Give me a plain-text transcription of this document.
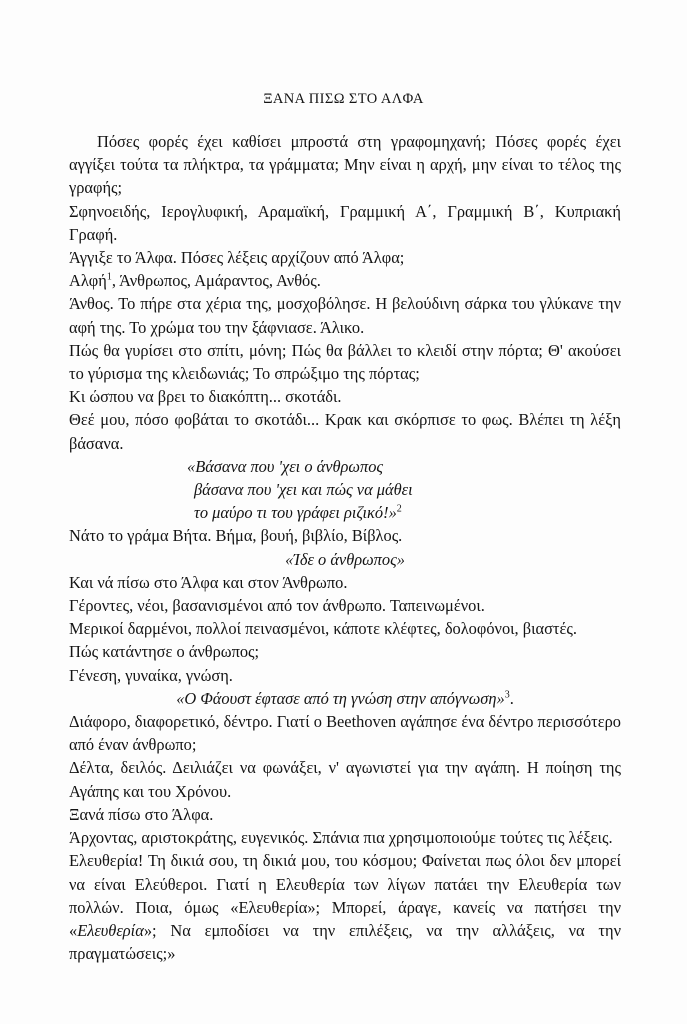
ΞΑΝΑ ΠΙΣΩ ΣΤΟ ΑΛΦΑ

Πόσες φορές έχει καθίσει μπροστά στη γραφομηχανή; Πόσες φορές έχει αγγίξει τούτα τα πλήκτρα, τα γράμματα; Μην είναι η αρχή, μην είναι το τέλος της γραφής;

Σφηνοειδής, Ιερογλυφική, Αραμαϊκή, Γραμμική Α΄, Γραμμική Β΄, Κυπριακή Γραφή.

Άγγιξε το Άλφα. Πόσες λέξεις αρχίζουν από Άλφα;

Αλφή$^1$, Άνθρωπος, Αμάραντος, Ανθός.

Άνθος. Το πήρε στα χέρια της, μοσχοβόλησε. Η βελούδινη σάρκα του γλύκανε την αφή της. Το χρώμα του την ξάφνιασε. Άλικο.

Πώς θα γυρίσει στο σπίτι, μόνη; Πώς θα βάλλει το κλειδί στην πόρτα; Θ' ακούσει το γύρισμα της κλειδωνιάς; Το σπρώξιμο της πόρτας;

Κι ώσπου να βρει το διακόπτη... σκοτάδι.

Θεέ μου, πόσο φοβάται το σκοτάδι... Κρακ και σκόρπισε το φως. Βλέπει τη λέξη βάσανα.

«Βάσανα που 'χει ο άνθρωπος

βάσανα που 'χει και πώς να μάθει

το μαύρο τι του γράφει ριζικό!»$^2$

Νάτο το γράμα Βήτα. Βήμα, βουή, βιβλίο, Βίβλος.

«Ίδε ο άνθρωπος»

Και νά πίσω στο Άλφα και στον Άνθρωπο.

Γέροντες, νέοι, βασανισμένοι από τον άνθρωπο. Ταπεινωμένοι.

Μερικοί δαρμένοι, πολλοί πεινασμένοι, κάποτε κλέφτες, δολοφόνοι, βιαστές.

Πώς κατάντησε ο άνθρωπος;

Γένεση, γυναίκα, γνώση.

«Ο Φάουστ έφτασε από τη γνώση στην απόγνωση»$^3$.

Διάφορο, διαφορετικό, δέντρο. Γιατί ο Beethoven αγάπησε ένα δέντρο περισσότερο από έναν άνθρωπο;

Δέλτα, δειλός. Δειλιάζει να φωνάξει, ν' αγωνιστεί για την αγάπη. Η ποίηση της Αγάπης και του Χρόνου.

Ξανά πίσω στο Άλφα.

Άρχοντας, αριστοκράτης, ευγενικός. Σπάνια πια χρησιμοποιούμε τούτες τις λέξεις.

Ελευθερία! Τη δικιά σου, τη δικιά μου, του κόσμου; Φαίνεται πως όλοι δεν μπορεί να είναι Ελεύθεροι. Γιατί η Ελευθερία των λίγων πατάει την Ελευθερία των πολλών. Ποια, όμως «Ελευθερία»; Μπορεί, άραγε, κανείς να πατήσει την «Ελευθερία»; Να εμποδίσει να την επιλέξεις, να την αλλάξεις, να την πραγματώσεις;»
